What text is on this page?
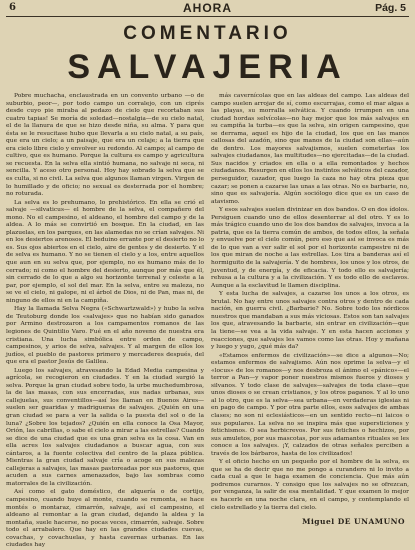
6	AHORA	Pág. 5
COMENTARIO
SALVAJERIA

Pobre muchacha, enclaustrada en un convento urbano —o de suburbio, peor—, por todo campo un corralejo, con un ciprés desde cuyo pie miraba al pedazo de cielo que recortaban sus cuatro tapias! Se moría de soledad—nostalgia—de su cielo natal, el de la llanura de que se hizo desde niña, su alma. Y para que ésta se le resucitase hubo que llevarla a su cielo natal, a su país, que era un cielo; a un paisaje, que era un celaje; a la tierra que era cielo libre cielo y envolver su redondo. Al campo; al campo de cultivo, que es humano. Porque la cultura es campo y agricultura se recuesta. En la selva ella sintió humana, no salvaje ni seca, ni sencilla. Y aceso otro personal. Hoy hay sobrado la selva que se es culta, si no civil. La selva que algunos llaman virgen. Virgen de lo humillado y de oficio; no sexual es desterrada por el hombre; no roturada.

La selva es lo prehumano, lo prehistórico. En ella se crió el salvaje —silvaticus— el hombre de la selva, el compañero del mono. No el campesino, el aldeano, el hombre del campo y de la aldea. A lo más se convirtió en bosque. En la ciudad, en las plazuelas, en los parques, en las alamedas no se crían salvajes. Ni en los desiertos arenosos. El beduino errante por el desierto no lo es. Sus ojos abiertos en el cielo, aire de gentes y de desierto. Y el de selva es humano. Y no se tienen el cielo y a los, entre aquellos que aun en su selva que, por ejemplo, no es humano más de lo cerrado; ni como el hombre del desierto, aunque por más que él, sin cerrado de lo que a algo su horizonte terrenal y celeste a la par, por ejemplo, el sol del mar. En la selva, entre su maleza, no se ve el cielo, ni galope, ni el árbol de Dios, ni de Pan, mas ni, de ninguno de ellos ni en la campiña.

Hay la llamada Selva Negra («Schwartzwald») y hubo la selva de Teutoburg donde los «salvajes» que no habían sido ganados por Armino destrozaron a los campamentos romanos de las legiones de Quintilio Varo. Fué en el año noveno de nuestra era cristiana. Una lucha simbólica entre orden de campo, campesinos, y arios de selva, salvajes. Y al margen de ellos los judíos, el pueblo de pastores primero y mercaderes después, del que era el pastor Jesús de Galilea.

Luego los salvajes, atravesando la Edad Media campesina y agrícola, se recogieron en ciudades. Y en la ciudad surgió la selva. Porque la gran ciudad sobre todo, la urbe muchedumbrosa, la de las masas, con sus encerradas, sus nadas urbanas, sus callejuelas, sus conventillos—así los llaman en Buenos Aires—suelen ser guaridas y madrigueras de salvajes. ¿Quién en una gran ciudad se para a ver la salida o la puesta del sol o de la luna? ¿Sobre los tejados? ¿Quién en ella conoce la Osa Mayor, Orión, las cabrillas, o sabe el cielo a mirar a las estrellas? Cuando se dice de una ciudad que es una gran selva es la cosa. Van en ella acres los salvajes ciudadanos a buscar agua, con sus cántaros, a la fuente colectiva del centro de la plaza pública. Mientras la gran ciudad salvaje cría o acoge en sus malezas callejeras a salvajes, las masas pastoreadas por sus pastores, que acuden a sus carnes amenazados, bajo las sombras como matorrales de la civilización.

Así como el gato doméstico, de alquería o de cortijo, campesino, cuando huye al monte, cuando se remonta, se hace montés o montaraz, cimarrón, salvaje, así el campesino, el aldeano al remontar a la gran ciudad, dejando la aldea y la montaña, suele hacerse, no pocas veces, cimarrón, salvaje. Sobre todo el arrabalero. Que hay en las grandes ciudades cuevas, covachas, y covachuelas, y hasta cavernas urbanas. En las ciudades hay

más cavernícolas que en las aldeas del campo. Las aldeas del campo suelen arrojar de sí, como escurrajas, como el mar algas a las playas, su morralla selvática. Y cuando irrumpen en una ciudad hordas selvícolas—no hay mejor que los más salvajes en su campiña la turba—es que la selva, sin origen campesino, que se derrama, aquel es hijo de la ciudad, los que en las manos callosas del azadón, sino que manos de la ciudad son ellas—aún de dentro. Los mayores salvajismos, suelen cometerlas los salvajes ciudadanos, las multitudes—no ejercitadas—de la ciudad. Sus nacidos y criados en ella o a ella remontados y hechos ciudadanos. Resurgen en ellos los instintos selváticos del cazador, perseguidor, cazador, que luego la caza no hay otra pieza que cazar; se ponen a cazarse las unas a las otras. No es barbarie, no, sino que es salvajería. Algún sociólogo dice que es un caso de atavismo.

Y esos salvajes suelen divinizar en dos bandos. O en dos ídolos. Persiguen cuando uno de ellos desenterrar al del otro. Y es lo más trágico cuando uno de los dos bandos de salvajes, invoca a la patria, que es la tierra común de ambos, de todos ellos, la señala y envuelve por el cielo común, pero eso que así se invoca es más de lo que van a ver salir el sol por el horizonte campestre ni de los que miran de noche a las estrellas. Los tira a banderas así el hormiguito de la salvajería. Y de hombres, los unos y los otros, de juventud, y de energía, y de eficacia. Y todo ello es salvajería; rehusa a la cultura y a la civilización. Y es todo ello de esclavos. Aunque a la esclavitud le llamen disciplina.

Y esta lucha de salvajes, a cazarse los unos a los otros, es brutal. No hay entre unos salvajes contra otros y dentro de cada nación, en guerra civil. ¿Barbarie? No. Sobre todo los nórdicos nuestros que mandaban a sus más viciosas. Estos son tan salvajes los que, atravesando la barbarie, sin entrar en civilización—que la tiene—se vea a la vida salvaje. Y en esta hacen acciones y reacciones, que salvajes les vamos como las otras. Hoy y mañana y luego y yugo, ¿qué más da?

«Estamos enfermos de civilización»—se dice a algunos—No; estamos enfermos de salvajismo. Aún nos oprime la selva—y el «locus» de los romanos—y nos desbroza el ánimo el «pánico»—el terror a Pan—y vapor poner nuestros mismos fueros y dioses y silvanos. Y todo clase de salvajes—salvajes de toda clase—que unos dioses o se crean cristianos, y los otros paganos. Y al lo uno al lo otro, que es la selva—sea urbana—en verdaderas iglesias ni en pago de campo. Y por otra parte ellos, esos salvajes de ambas clases; no son ni eclesiásticos—en un sentido recto—ni laicos o sus populares. La selva no se inspira más que supersticiones y fetichismos. O sea herbicrevos. Por sus fetiches o hechizos, por sus amuletos, por sus mascotas, por sus adamantes rituales se les conoce a los salvajes. ¡Y, calzados de otras señales perciben a través de los bárbaros, hasta de los civilizados!

Y el oficio hecho en un pequeño por el hombre de la selva, es que se ha de decir que no me pongo a curandero ni lo invito a cada cual a que le haga examen de conciencia. Que más aún podremos curarnos. Y consigo que los salvajes no se ofrezcan, por venganza, la salir de esa mentalidad. Y que examen lo mejor es hacerle en una noche clara, en el campo, y contemplando el cielo estrellado y la tierra del cielo.

Miguel DE UNAMUNO
